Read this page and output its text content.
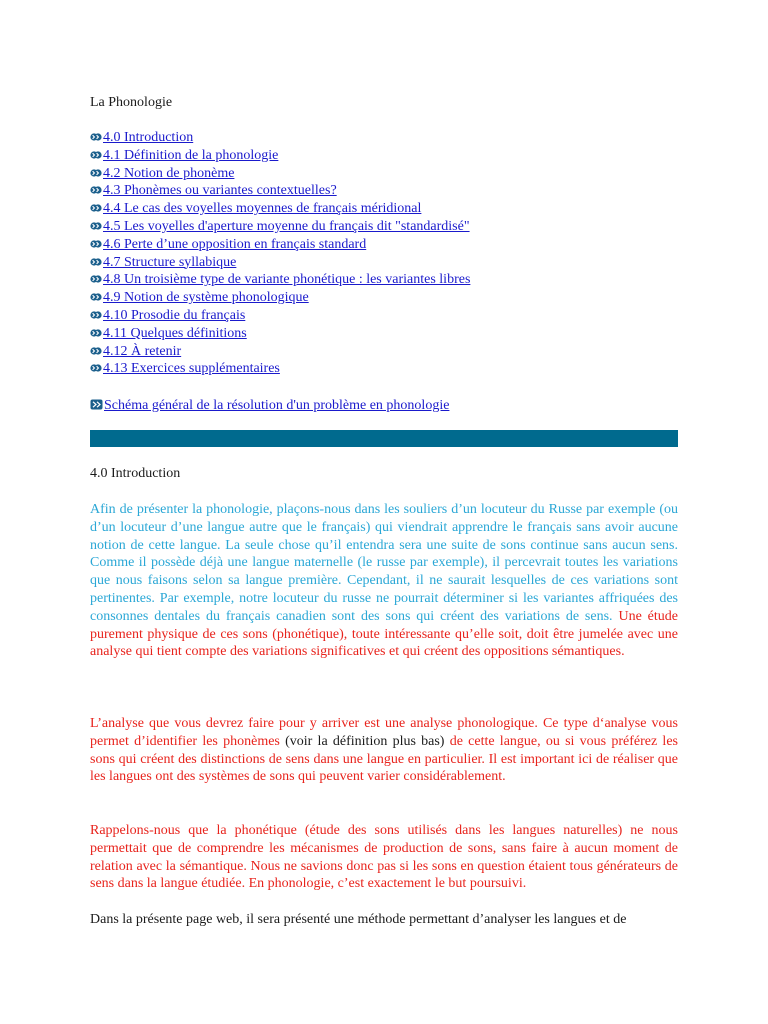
La Phonologie
4.0 Introduction
4.1 Définition de la phonologie
4.2 Notion de phonème
4.3 Phonèmes ou variantes contextuelles?
4.4 Le cas des voyelles moyennes de français méridional
4.5 Les voyelles d'aperture moyenne du français dit "standardisé"
4.6 Perte d’une opposition en français standard
4.7 Structure syllabique
4.8 Un troisième type de variante phonétique : les variantes libres
4.9 Notion de système phonologique
4.10 Prosodie du français
4.11 Quelques définitions
4.12 À retenir
4.13 Exercices supplémentaires
Schéma général de la résolution d'un problème en phonologie
4.0 Introduction

Afin de présenter la phonologie, plaçons-nous dans les souliers d’un locuteur du Russe par exemple (ou d’un locuteur d’une langue autre que le français) qui viendrait apprendre le français sans avoir aucune notion de cette langue. La seule chose qu’il entendra sera une suite de sons continue sans aucun sens. Comme il possède déjà une langue maternelle (le russe par exemple), il percevrait toutes les variations que nous faisons selon sa langue première. Cependant, il ne saurait lesquelles de ces variations sont pertinentes. Par exemple, notre locuteur du russe ne pourrait déterminer si les variantes affriquées des consonnes dentales du français canadien sont des sons qui créent des variations de sens. Une étude purement physique de ces sons (phonétique), toute intéressante qu’elle soit, doit être jumelée avec une analyse qui tient compte des variations significatives et qui créent des oppositions sémantiques.

L’analyse que vous devrez faire pour y arriver est une analyse phonologique. Ce type d‘analyse vous permet d’identifier les phonèmes (voir la définition plus bas) de cette langue, ou si vous préférez les sons qui créent des distinctions de sens dans une langue en particulier. Il est important ici de réaliser que les langues ont des systèmes de sons qui peuvent varier considérablement.

Rappelons-nous que la phonétique (étude des sons utilisés dans les langues naturelles) ne nous permettait que de comprendre les mécanismes de production de sons, sans faire à aucun moment de relation avec la sémantique. Nous ne savions donc pas si les sons en question étaient tous générateurs de sens dans la langue étudiée. En phonologie, c’est exactement le but poursuivi.

Dans la présente page web, il sera présenté une méthode permettant d’analyser les langues et de
